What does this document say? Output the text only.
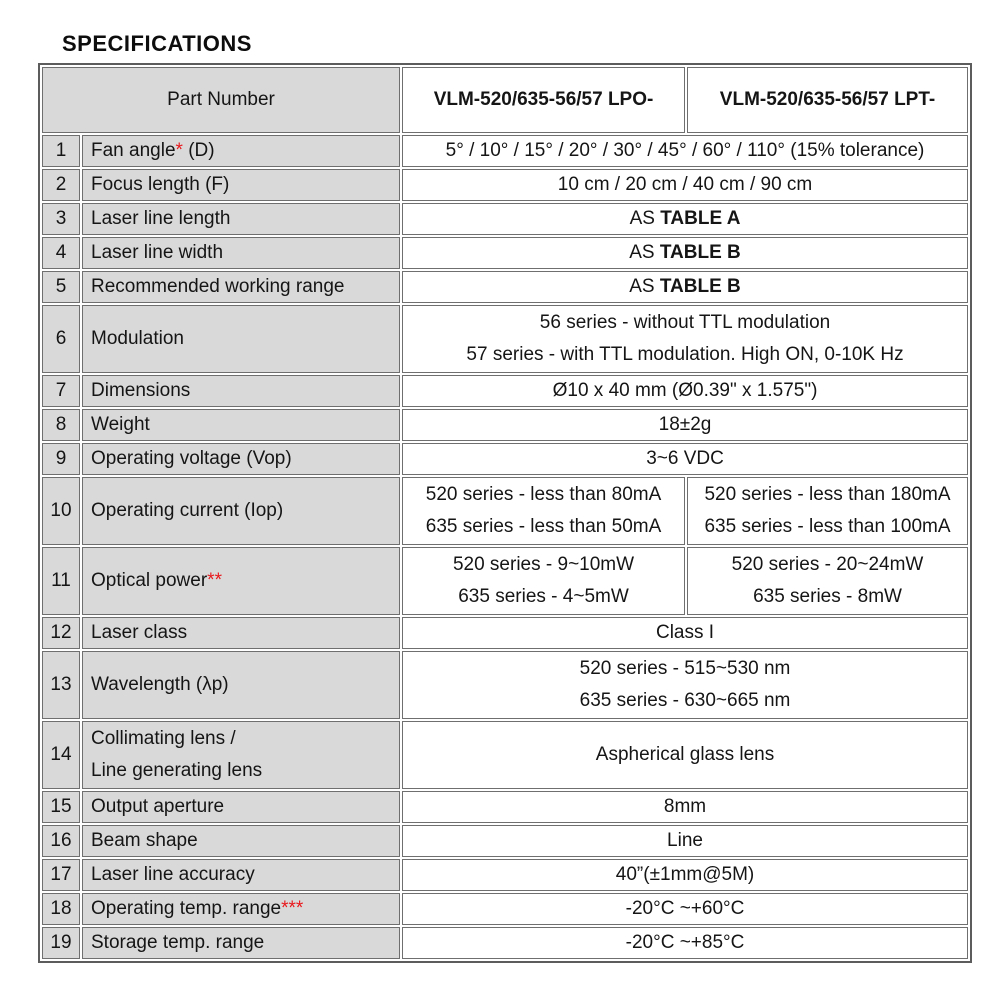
SPECIFICATIONS
Part Number		VLM-520/635-56/57 LPO-	VLM-520/635-56/57 LPT-
1	Fan angle* (D)	5° / 10° / 15° / 20° / 30° / 45° / 60° / 110° (15% tolerance)	
2	Focus length (F)	10 cm / 20 cm / 40 cm / 90 cm	
3	Laser line length	AS TABLE A	
4	Laser line width	AS TABLE B	
5	Recommended working range	AS TABLE B	
6	Modulation	56 series - without TTL modulation
57 series - with TTL modulation. High ON, 0-10K Hz	

7	Dimensions	Ø10 x 40 mm (Ø0.39" x 1.575")	
8	Weight	18±2g	
9	Operating voltage (Vop)	3~6 VDC	
10	Operating current (Iop)	520 series - less than 80mA
635 series - less than 50mA	520 series - less than 180mA
635 series - less than 100mA

11	Optical power**	520 series - 9~10mW
635 series - 4~5mW	520 series - 20~24mW
635 series - 8mW

12	Laser class	Class I	
13	Wavelength (λp)	520 series - 515~530 nm
635 series - 630~665 nm	

14	Collimating lens /
Line generating lens	Aspherical glass lens	
15	Output aperture	8mm	
16	Beam shape	Line	
17	Laser line accuracy	40”(±1mm@5M)	
18	Operating temp. range***	-20°C ~+60°C	
19	Storage temp. range	-20°C ~+85°C	
